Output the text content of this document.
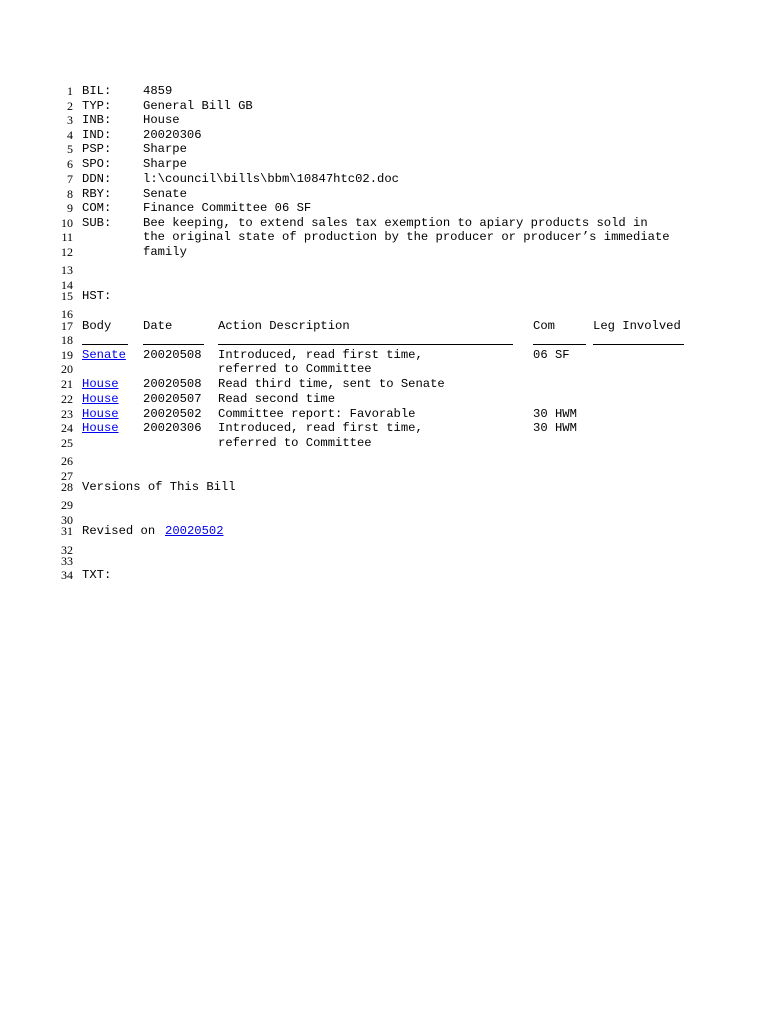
1
2
3
4
5
6
7
8
9
10
11
12
13
14
15
16
17
18
19
20
21
22
23
24
25
26
27
28
29
30
31
32
33
34
BIL:	4859
TYP:	General Bill GB
INB:	House
IND:	20020306
PSP:	Sharpe
SPO:	Sharpe
DDN:	l:\council\bills\bbm\10847htc02.doc
RBY:	Senate
COM:	Finance Committee 06 SF
SUB:	Bee keeping, to extend sales tax exemption to apiary products sold in
the original state of production by the producer or producer’s immediate
family
HST:
Body	Date	Action Description	Com	Leg Involved
Senate 20020508 Introduced, read first time,	06 SF
referred to Committee
House 20020508 Read third time, sent to Senate
House 20020507 Read second time
House 20020502 Committee report: Favorable	30 HWM
House 20020306 Introduced, read first time,	30 HWM
referred to Committee
Versions of This Bill
Revised on 20020502
TXT:
